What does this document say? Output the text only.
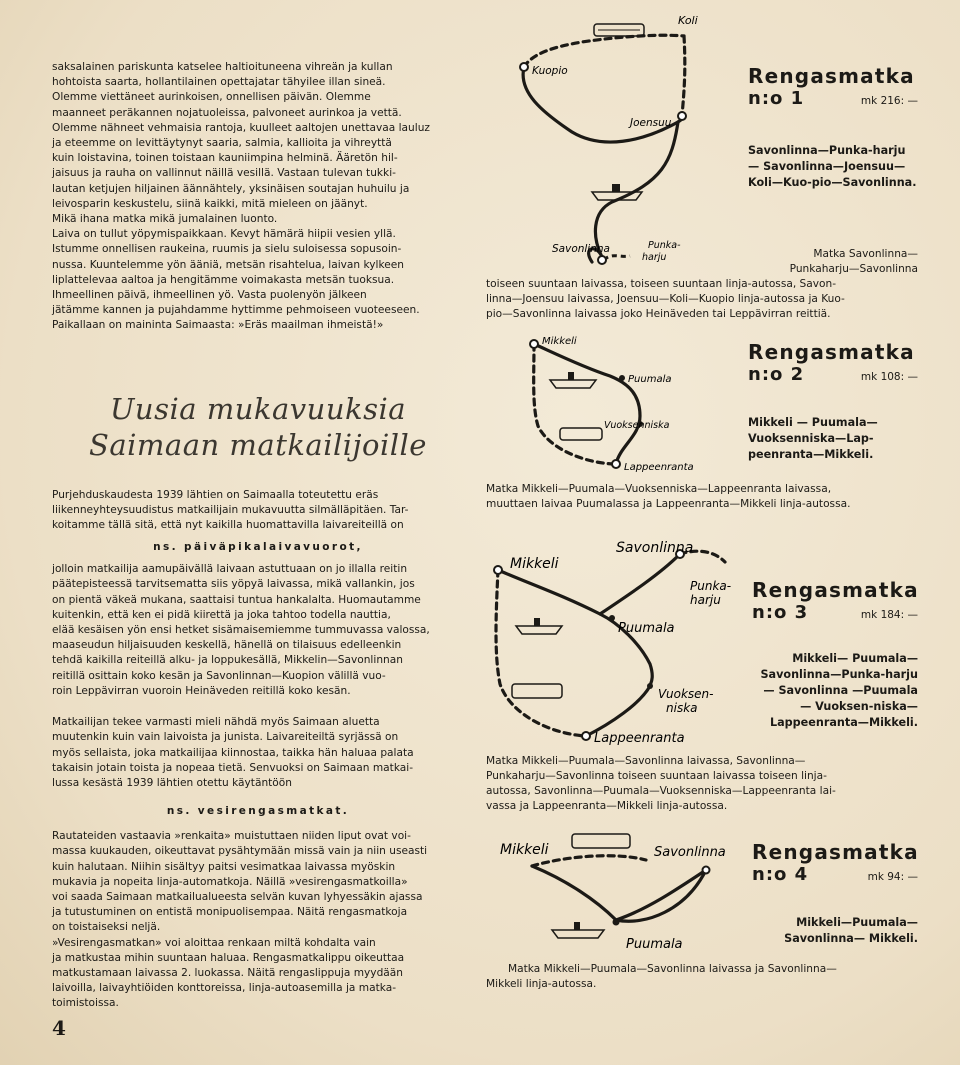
saksalainen pariskunta katselee haltioituneena vihreän ja kullan
hohtoista saarta, hollantilainen opettajatar tähyilee illan sineä.
Olemme viettäneet aurinkoisen, onnellisen päivän. Olemme
maanneet peräkannen nojatuoleissa, palvoneet aurinkoa ja vettä.
Olemme nähneet vehmaisia rantoja, kuulleet aaltojen unettavaa lauluz
ja eteemme on levittäytynyt saaria, salmia, kallioita ja vihreyttä
kuin loistavina, toinen toistaan kauniimpina helminä. Ääretön hil-
jaisuus ja rauha on vallinnut näillä vesillä. Vastaan tulevan tukki-
lautan ketjujen hiljainen äännähtely, yksinäisen soutajan huhuilu ja
leivosparin keskustelu, siinä kaikki, mitä mieleen on jäänyt.
Mikä ihana matka mikä jumalainen luonto.
Laiva on tullut yöpymispaikkaan. Kevyt hämärä hiipii vesien yllä.
Istumme onnellisen raukeina, ruumis ja sielu suloisessa sopusoin-
nussa. Kuuntelemme yön ääniä, metsän risahtelua, laivan kylkeen
liplattelevaa aaltoa ja hengitämme voimakasta metsän tuoksua.
Ihmeellinen päivä, ihmeellinen yö. Vasta puolenyön jälkeen
jätämme kannen ja pujahdamme hyttimme pehmoiseen vuoteeseen.
Paikallaan on maininta Saimaasta: »Eräs maailman ihmeistä!»

Uusia mukavuuksia

Saimaan matkailijoille

Purjehduskaudesta 1939 lähtien on Saimaalla toteutettu eräs
liikenneyhteysuudistus matkailijain mukavuutta silmälläpitäen. Tar-
koitamme tällä sitä, että nyt kaikilla huomattavilla laivareiteillä on

ns. päiväpikalaivavuorot,

jolloin matkailija aamupäivällä laivaan astuttuaan on jo illalla reitin
päätepisteessä tarvitsematta siis yöpyä laivassa, mikä vallankin, jos
on pientä väkeä mukana, saattaisi tuntua hankalalta. Huomautamme
kuitenkin, että ken ei pidä kiirettä ja joka tahtoo todella nauttia,
elää kesäisen yön ensi hetket sisämaisemiemme tummuvassa valossa,
maaseudun hiljaisuuden keskellä, hänellä on tilaisuus edelleenkin
tehdä kaikilla reiteillä alku- ja loppukesällä, Mikkelin—Savonlinnan
reitillä osittain koko kesän ja Savonlinnan—Kuopion välillä vuo-
roin Leppävirran vuoroin Heinäveden reitillä koko kesän.

Matkailijan tekee varmasti mieli nähdä myös Saimaan aluetta
muutenkin kuin vain laivoista ja junista. Laivareiteiltä syrjässä on
myös sellaista, joka matkailijaa kiinnostaa, taikka hän haluaa palata
takaisin jotain toista ja nopeaa tietä. Senvuoksi on Saimaan matkai-
lussa kesästä 1939 lähtien otettu käytäntöön

ns. vesirengasmatkat.

Rautateiden vastaavia »renkaita» muistuttaen niiden liput ovat voi-
massa kuukauden, oikeuttavat pysähtymään missä vain ja niin useasti
kuin halutaan. Niihin sisältyy paitsi vesimatkaa laivassa myöskin
mukavia ja nopeita linja-automatkoja. Näillä »vesirengasmatkoilla»
voi saada Saimaan matkailualueesta selvän kuvan lyhyessäkin ajassa
ja tutustuminen on entistä monipuolisempaa. Näitä rengasmatkoja
on toistaiseksi neljä.
»Vesirengasmatkan» voi aloittaa renkaan miltä kohdalta vain
ja matkustaa mihin suuntaan haluaa. Rengasmatkalippu oikeuttaa
matkustamaan laivassa 2. luokassa. Näitä rengaslippuja myydään
laivoilla, laivayhtiöiden konttoreissa, linja-autoasemilla ja matka-
toimistoissa.

4
Koli
Kuopio
Joensuu
Savonlinna	Punka-
harju

Rengasmatka

n:o 1	mk 216: —

Savonlinna—Punka-harju — Savonlinna—Joensuu— Koli—Kuo-pio—Savonlinna.

Matka Savonlinna—
Punkaharju—Savonlinna

toiseen suuntaan laivassa, toiseen suuntaan linja-autossa, Savon-
linna—Joensuu laivassa, Joensuu—Koli—Kuopio linja-autossa ja Kuo-
pio—Savonlinna laivassa joko Heinäveden tai Leppävirran reittiä.

Mikkeli
Puumala
Vuoksenniska
Lappeenranta

Rengasmatka

n:o 2	mk 108: —

Mikkeli — Puumala—Vuoksenniska—Lap-peenranta—Mikkeli.

Matka Mikkeli—Puumala—Vuoksenniska—Lappeenranta laivassa,
muuttaen laivaa Puumalassa ja Lappeenranta—Mikkeli linja-autossa.

Mikkeli
Savonlinna
Punka-
harju
Puumala
Vuoksen-
niska
Lappeenranta

Rengasmatka

n:o 3	mk 184: —

Mikkeli— Puumala—Savonlinna—Punka-harju — Savonlinna —Puumala — Vuoksen-niska—Lappeenranta—Mikkeli.

Matka Mikkeli—Puumala—Savonlinna laivassa, Savonlinna—
Punkaharju—Savonlinna toiseen suuntaan laivassa toiseen linja-
autossa, Savonlinna—Puumala—Vuoksenniska—Lappeenranta lai-
vassa ja Lappeenranta—Mikkeli linja-autossa.

Mikkeli	Savonlinna
Puumala

Rengasmatka

n:o 4	mk 94: —

Mikkeli—Puumala—Savonlinna— Mikkeli.

Matka Mikkeli—Puumala—Savonlinna laivassa ja Savonlinna—
Mikkeli linja-autossa.
